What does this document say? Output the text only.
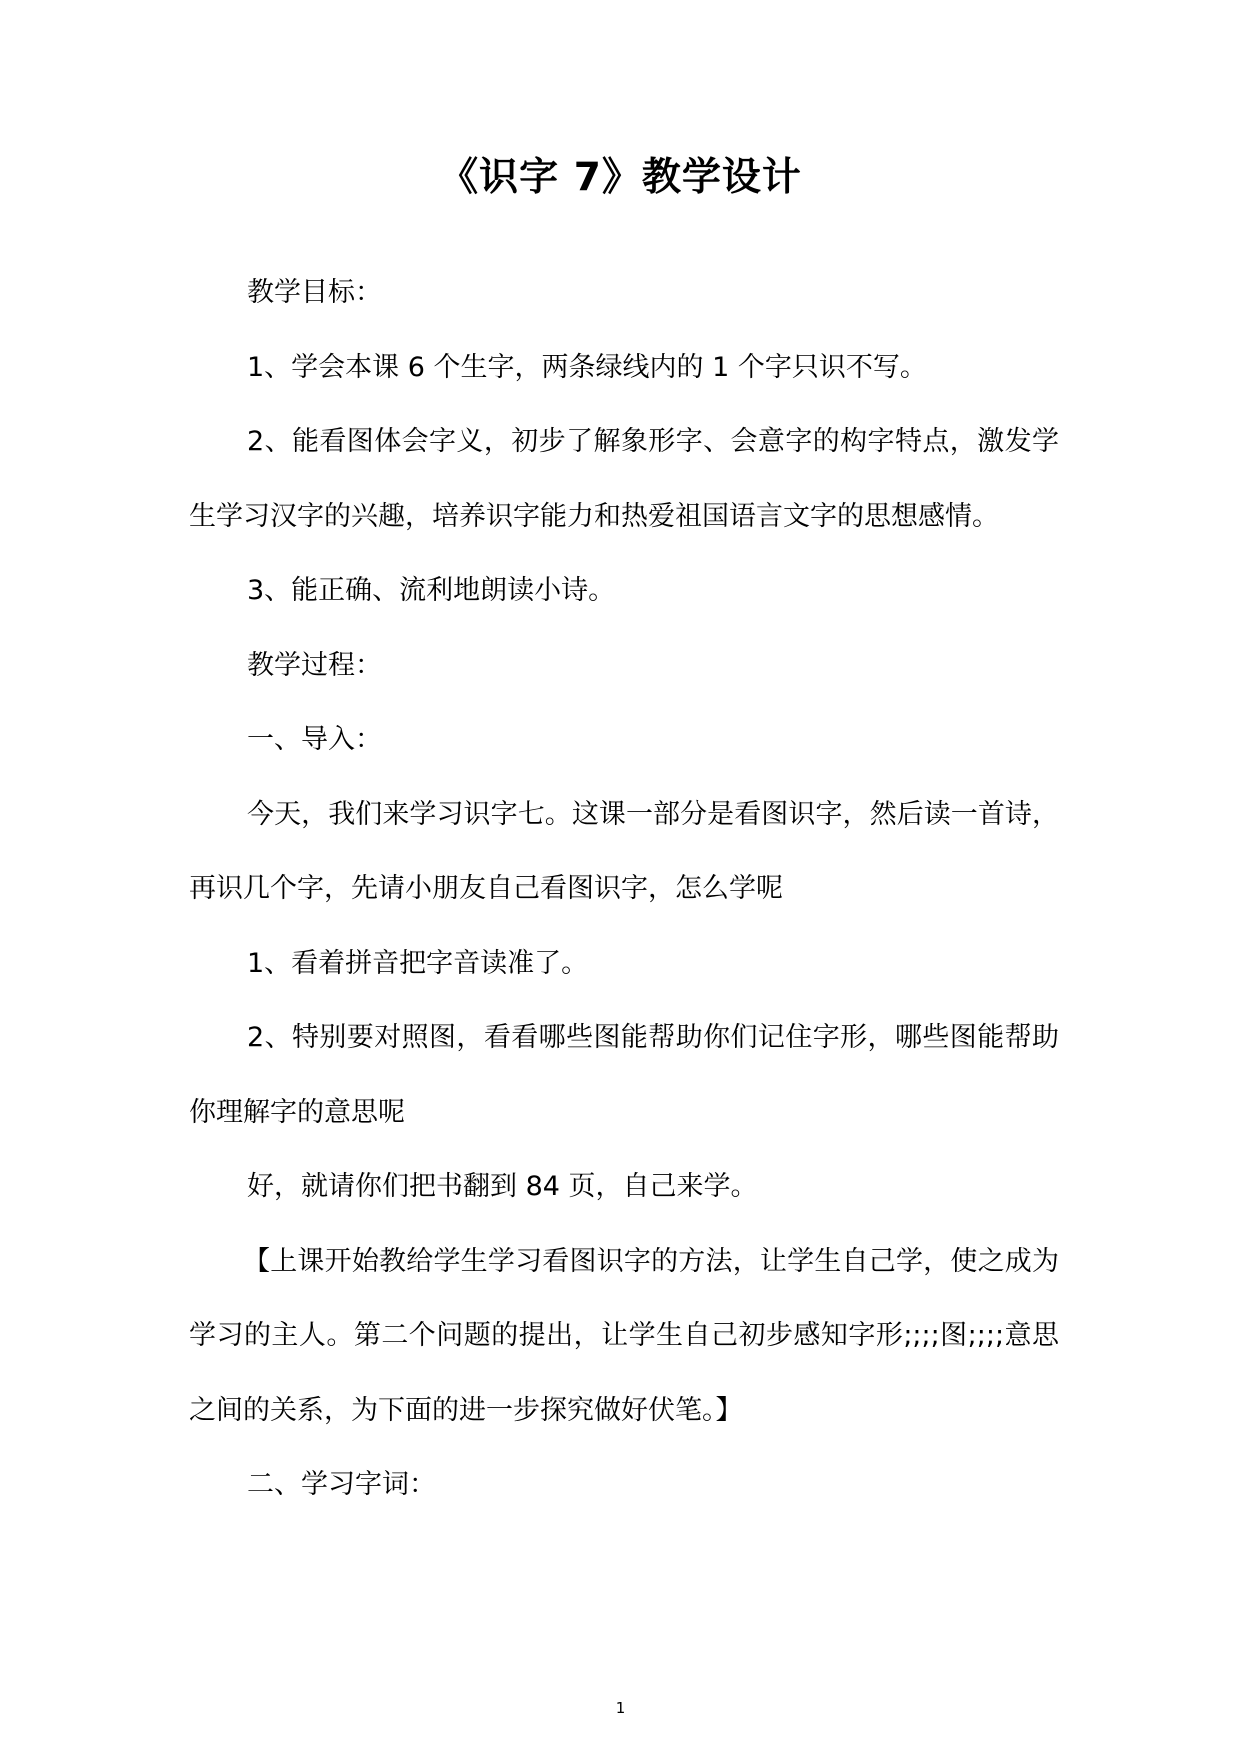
《识字 7》教学设计

教学目标：

1、学会本课 6 个生字，两条绿线内的 1 个字只识不写。

2、能看图体会字义，初步了解象形字、会意字的构字特点，激发学生学习汉字的兴趣，培养识字能力和热爱祖国语言文字的思想感情。

3、能正确、流利地朗读小诗。

教学过程：

一、导入：

今天，我们来学习识字七。这课一部分是看图识字，然后读一首诗，再识几个字，先请小朋友自己看图识字，怎么学呢

1、看着拼音把字音读准了。

2、特别要对照图，看看哪些图能帮助你们记住字形，哪些图能帮助你理解字的意思呢

好，就请你们把书翻到 84 页，自己来学。

【上课开始教给学生学习看图识字的方法，让学生自己学，使之成为学习的主人。第二个问题的提出，让学生自己初步感知字形;;;;图;;;;意思之间的关系，为下面的进一步探究做好伏笔。】

二、学习字词：

1
